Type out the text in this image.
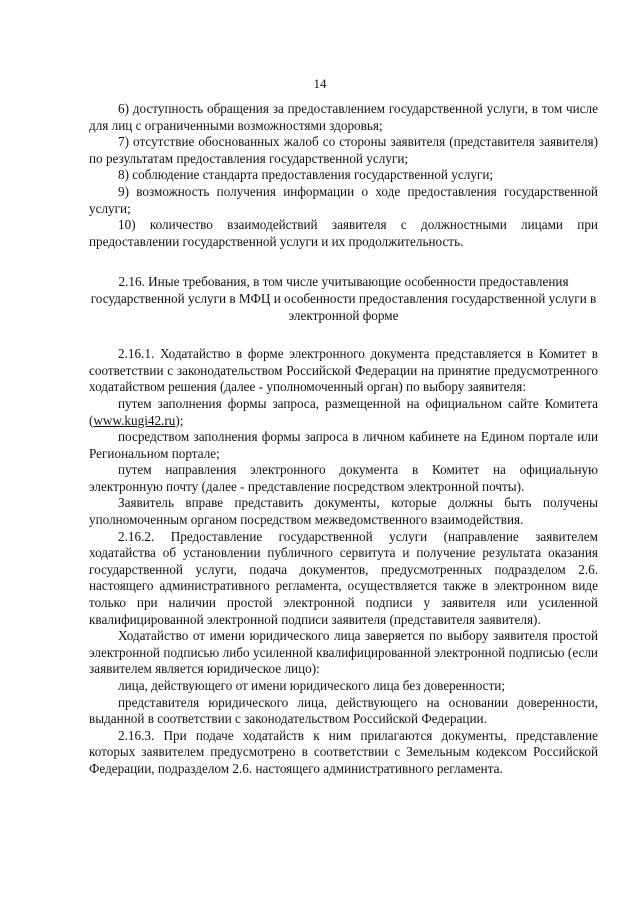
14

6) доступность обращения за предоставлением государственной услуги, в том числе для лиц с ограниченными возможностями здоровья;

7) отсутствие обоснованных жалоб со стороны заявителя (представителя заявителя) по результатам предоставления государственной услуги;

8) соблюдение стандарта предоставления государственной услуги;

9) возможность получения информации о ходе предоставления государственной услуги;

10) количество взаимодействий заявителя с должностными лицами при предоставлении государственной услуги и их продолжительность.

2.16. Иные требования, в том числе учитывающие особенности предоставления государственной услуги в МФЦ и особенности предоставления государственной услуги в электронной форме

2.16.1. Ходатайство в форме электронного документа представляется в Комитет в соответствии с законодательством Российской Федерации на принятие предусмотренного ходатайством решения (далее - уполномоченный орган) по выбору заявителя:

путем заполнения формы запроса, размещенной на официальном сайте Комитета (www.kugi42.ru);

посредством заполнения формы запроса в личном кабинете на Едином портале или Региональном портале;

путем направления электронного документа в Комитет на официальную электронную почту (далее - представление посредством электронной почты).

Заявитель вправе представить документы, которые должны быть получены уполномоченным органом посредством межведомственного взаимодействия.

2.16.2. Предоставление государственной услуги (направление заявителем ходатайства об установлении публичного сервитута и получение результата оказания государственной услуги, подача документов, предусмотренных подразделом 2.6. настоящего административного регламента, осуществляется также в электронном виде только при наличии простой электронной подписи у заявителя или усиленной квалифицированной электронной подписи заявителя (представителя заявителя).

Ходатайство от имени юридического лица заверяется по выбору заявителя простой электронной подписью либо усиленной квалифицированной электронной подписью (если заявителем является юридическое лицо):

лица, действующего от имени юридического лица без доверенности;

представителя юридического лица, действующего на основании доверенности, выданной в соответствии с законодательством Российской Федерации.

2.16.3. При подаче ходатайств к ним прилагаются документы, представление которых заявителем предусмотрено в соответствии с Земельным кодексом Российской Федерации, подразделом 2.6. настоящего административного регламента.
